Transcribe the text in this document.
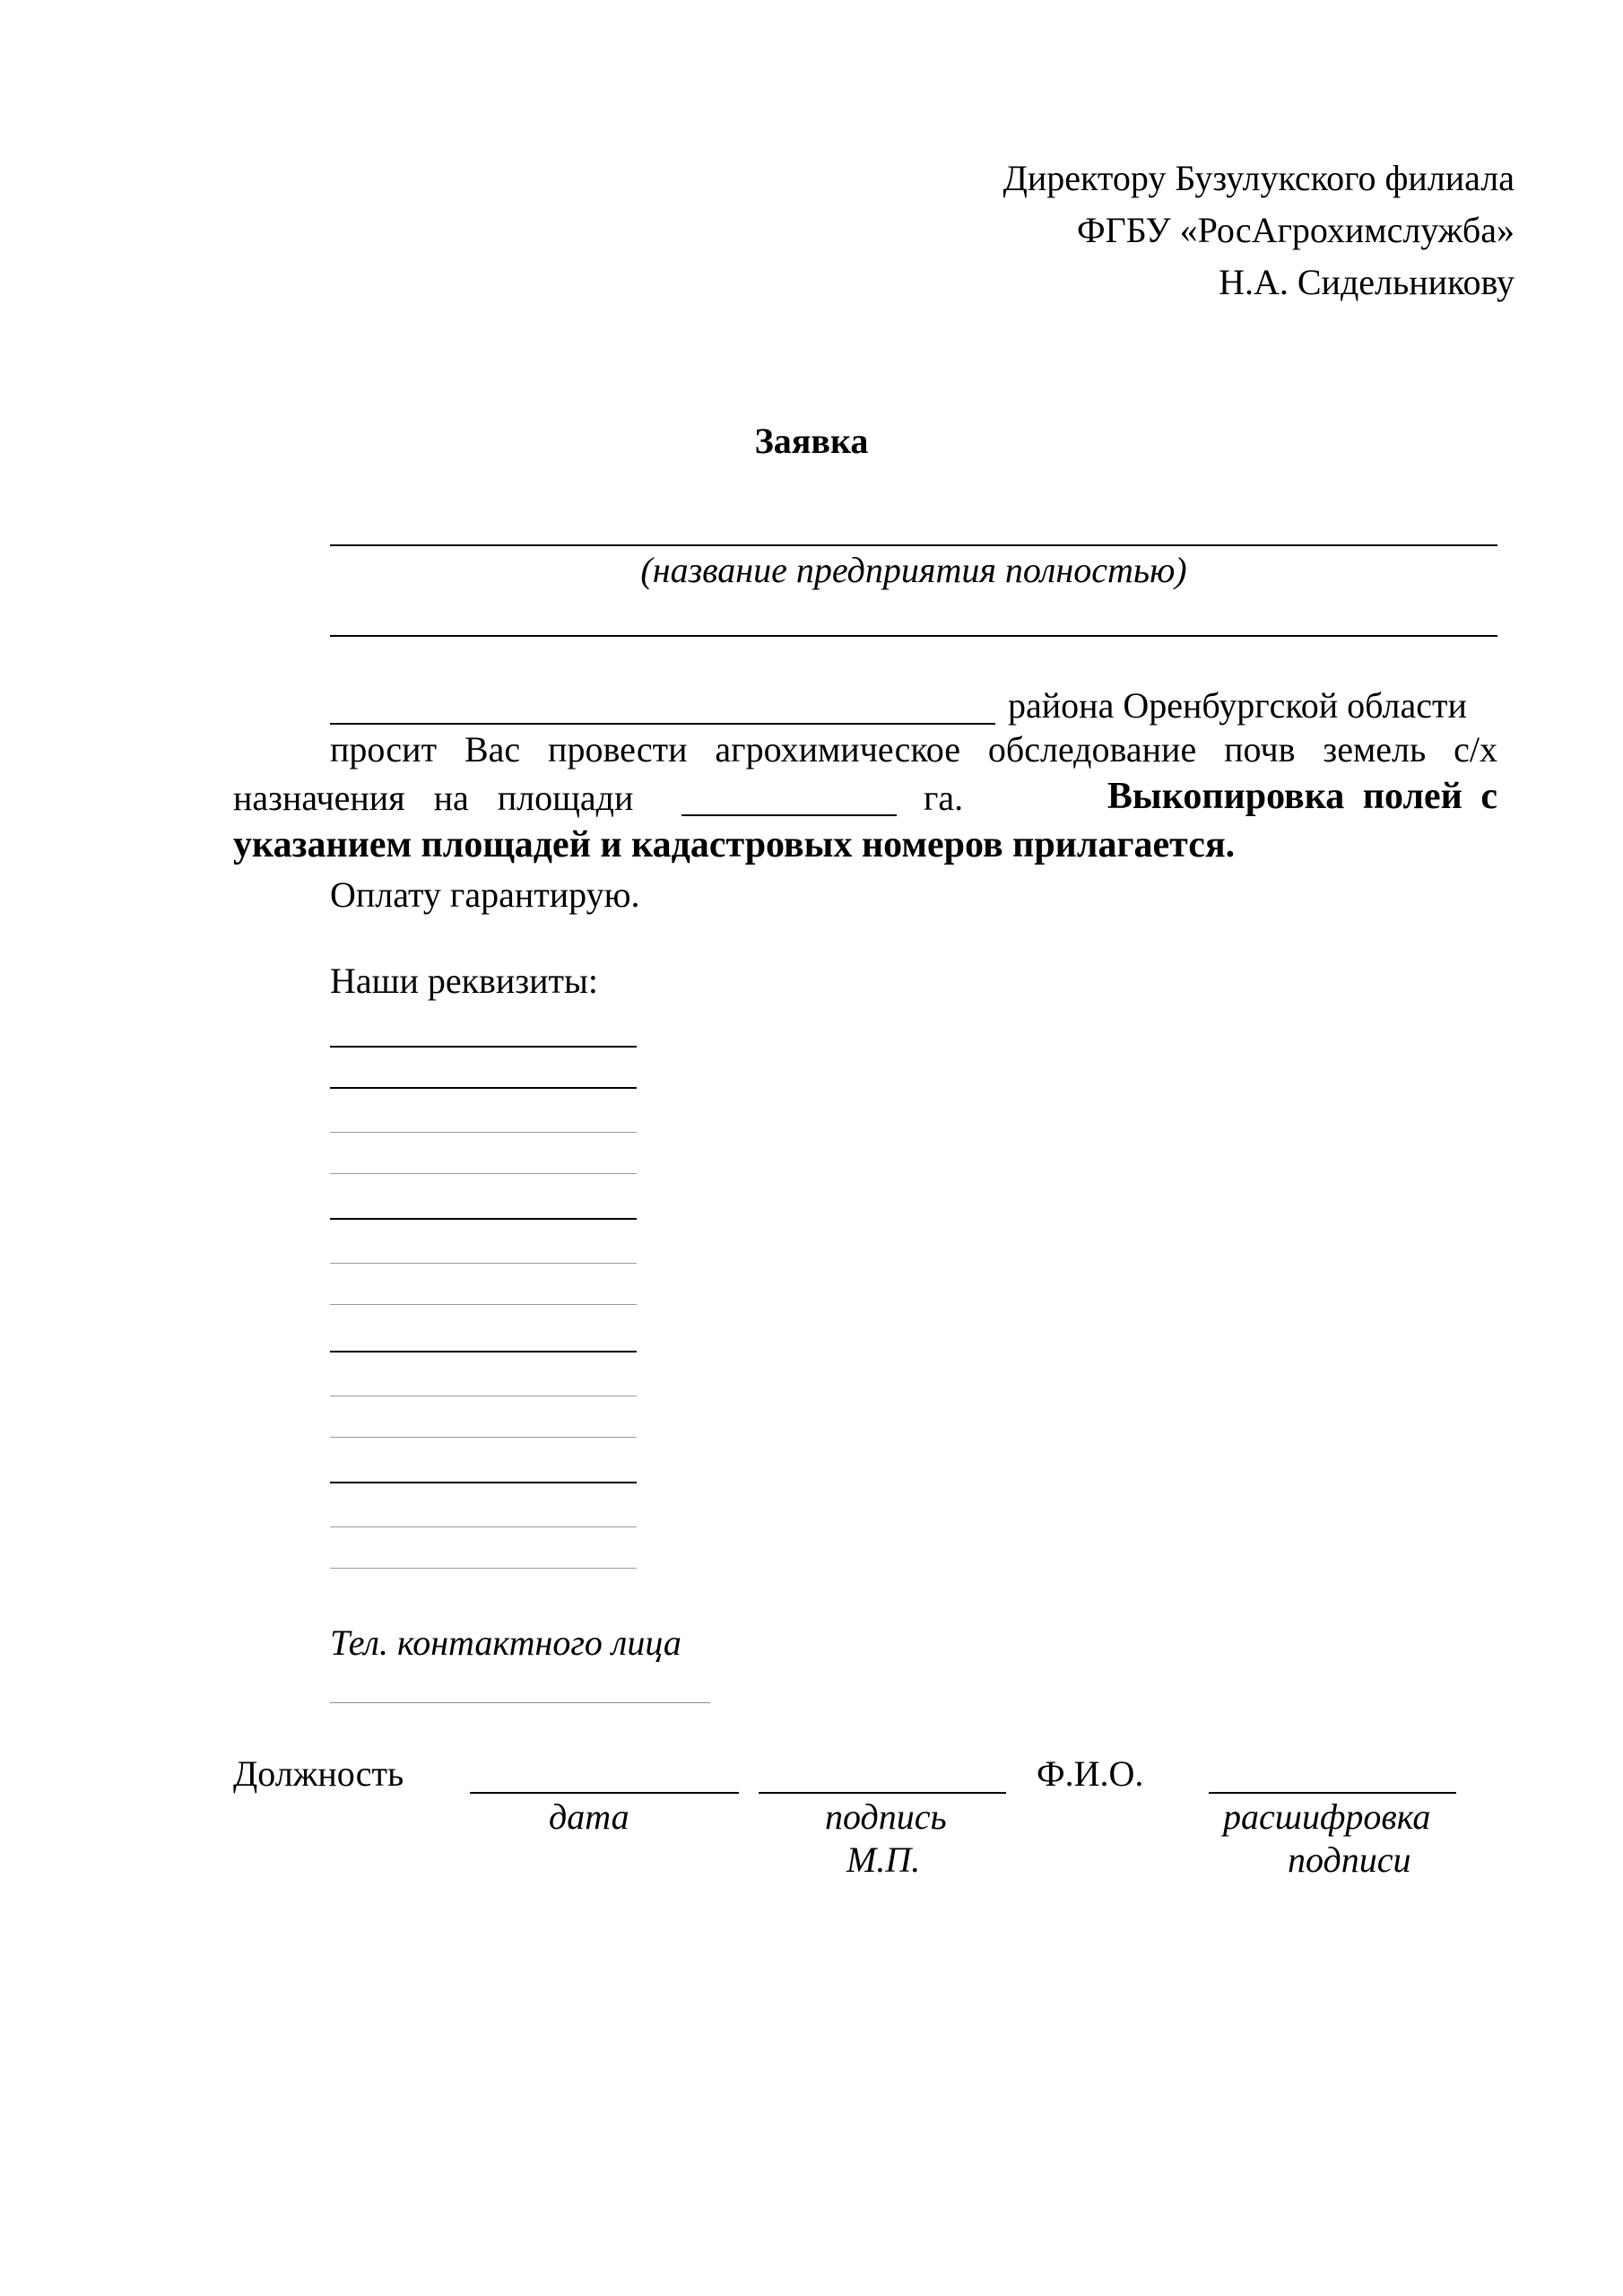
Директору Бузулукского филиала
ФГБУ «РосАгрохимслужба»
Н.А. Сидельникову
Заявка
(название предприятия полностью)
района Оренбургской области
просит Вас провести агрохимическое обследование почв земель с/х
назначения на площади	га.	Выкопировка полей с
указанием площадей и кадастровых номеров прилагается.
Оплату гарантирую.
Наши реквизиты:
Тел. контактного лица
Должность	Ф.И.О.
дата	подпись	расшифровка
М.П.	подписи
